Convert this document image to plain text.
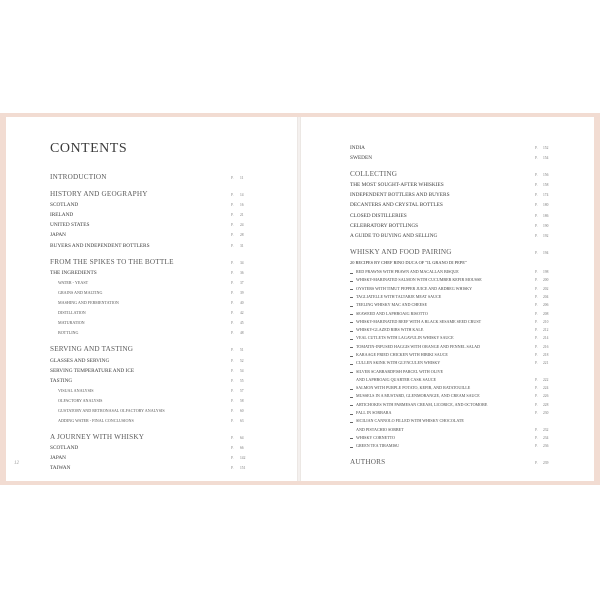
CONTENTS
INTRODUCTION	P. 11
HISTORY AND GEOGRAPHY	P. 14
SCOTLAND	P. 16
IRELAND	P. 21
UNITED STATES	P. 24
JAPAN	P. 28
BUYERS AND INDEPENDENT BOTTLERS	P. 31
FROM THE SPIKES TO THE BOTTLE	P. 34
THE INGREDIENTS	P. 36
WATER - YEAST	P. 37
GRAINS AND MALTING	P. 39
MASHING AND FERMENTATION	P. 40
DISTILLATION	P. 42
MATURATION	P. 45
BOTTLING	P. 48
SERVING AND TASTING	P. 51
GLASSES AND SERVING	P. 52
SERVING TEMPERATURE AND ICE	P. 54
TASTING	P. 55
VISUAL ANALYSIS	P. 57
OLFACTORY ANALYSIS	P. 58
GUSTATORY AND RETRONASAL OLFACTORY ANALYSIS	P. 60
ADDING WATER - FINAL CONCLUSIONS	P. 63
A JOURNEY WITH WHISKY	P. 64
SCOTLAND	P. 66
JAPAN	P. 142
TAIWAN	P. 151
12
INDIA	P. 152
SWEDEN	P. 154
COLLECTING	P. 156
THE MOST SOUGHT-AFTER WHISKIES	P. 158
INDEPENDENT BOTTLERS AND BUYERS	P. 174
DECANTERS AND CRYSTAL BOTTLES	P. 180
CLOSED DISTILLERIES	P. 186
CELEBRATORY BOTTLINGS	P. 190
A GUIDE TO BUYING AND SELLING	P. 192
WHISKY AND FOOD PAIRING	P. 194
20 RECIPES BY CHEF RINO DUCA OF "IL GRANO DI PEPE"
RED PRAWNS WITH PRAWN AND MACALLAN BISQUE	P. 198
WHISKY-MARINATED SALMON WITH CUCUMBER KEFIR MOUSSE	P. 200
OYSTERS WITH TIMUT PEPPER JUICE AND ARDBEG WHISKY	P. 202
TAGLIATELLE WITH TALTARJE MEAT SAUCE	P. 204
TEELING WHISKY MAC AND CHEESE	P. 206
SEAWEED AND LAPHROAIG RISOTTO	P. 208
WHISKY-MARINATED BEEF WITH A BLACK SESAME SEED CRUST	P. 210
WHISKY-GLAZED RIBS WITH KALE	P. 212
VEAL CUTLETS WITH LAGAVULIN WHISKY SAUCE	P. 214
TOMATIN-INFUSED HAGGIS WITH ORANGE AND FENNEL SALAD	P. 216
KARAAGE FRIED CHICKEN WITH HIBIKI SAUCE	P. 218
CULLEN SKINK WITH GLYNCULEN WHISKY	P. 221
SILVER SCABBARDFISH PARCEL WITH OLIVE
AND LAPHROAIG QUARTER CASK SAUCE	P. 222
SALMON WITH PURPLE POTATO, KEFIR, AND RATATOUILLE	P. 224
MUSSELS IN A MUSTARD, GLENMORANGIE, AND CREAM SAUCE	P. 226
ARTICHOKES WITH PARMESAN CREAM, LICORICE, AND OCTOMORE	P. 228
FALL IN SORBARA	P. 230
SICILIAN CANNOLO FILLED WITH WHISKY CHOCOLATE
AND PISTACHIO SORBET	P. 232
WHISKY CORNETTO	P. 234
GREEN TEA TIRAMISU	P. 236
AUTHORS	P. 239
